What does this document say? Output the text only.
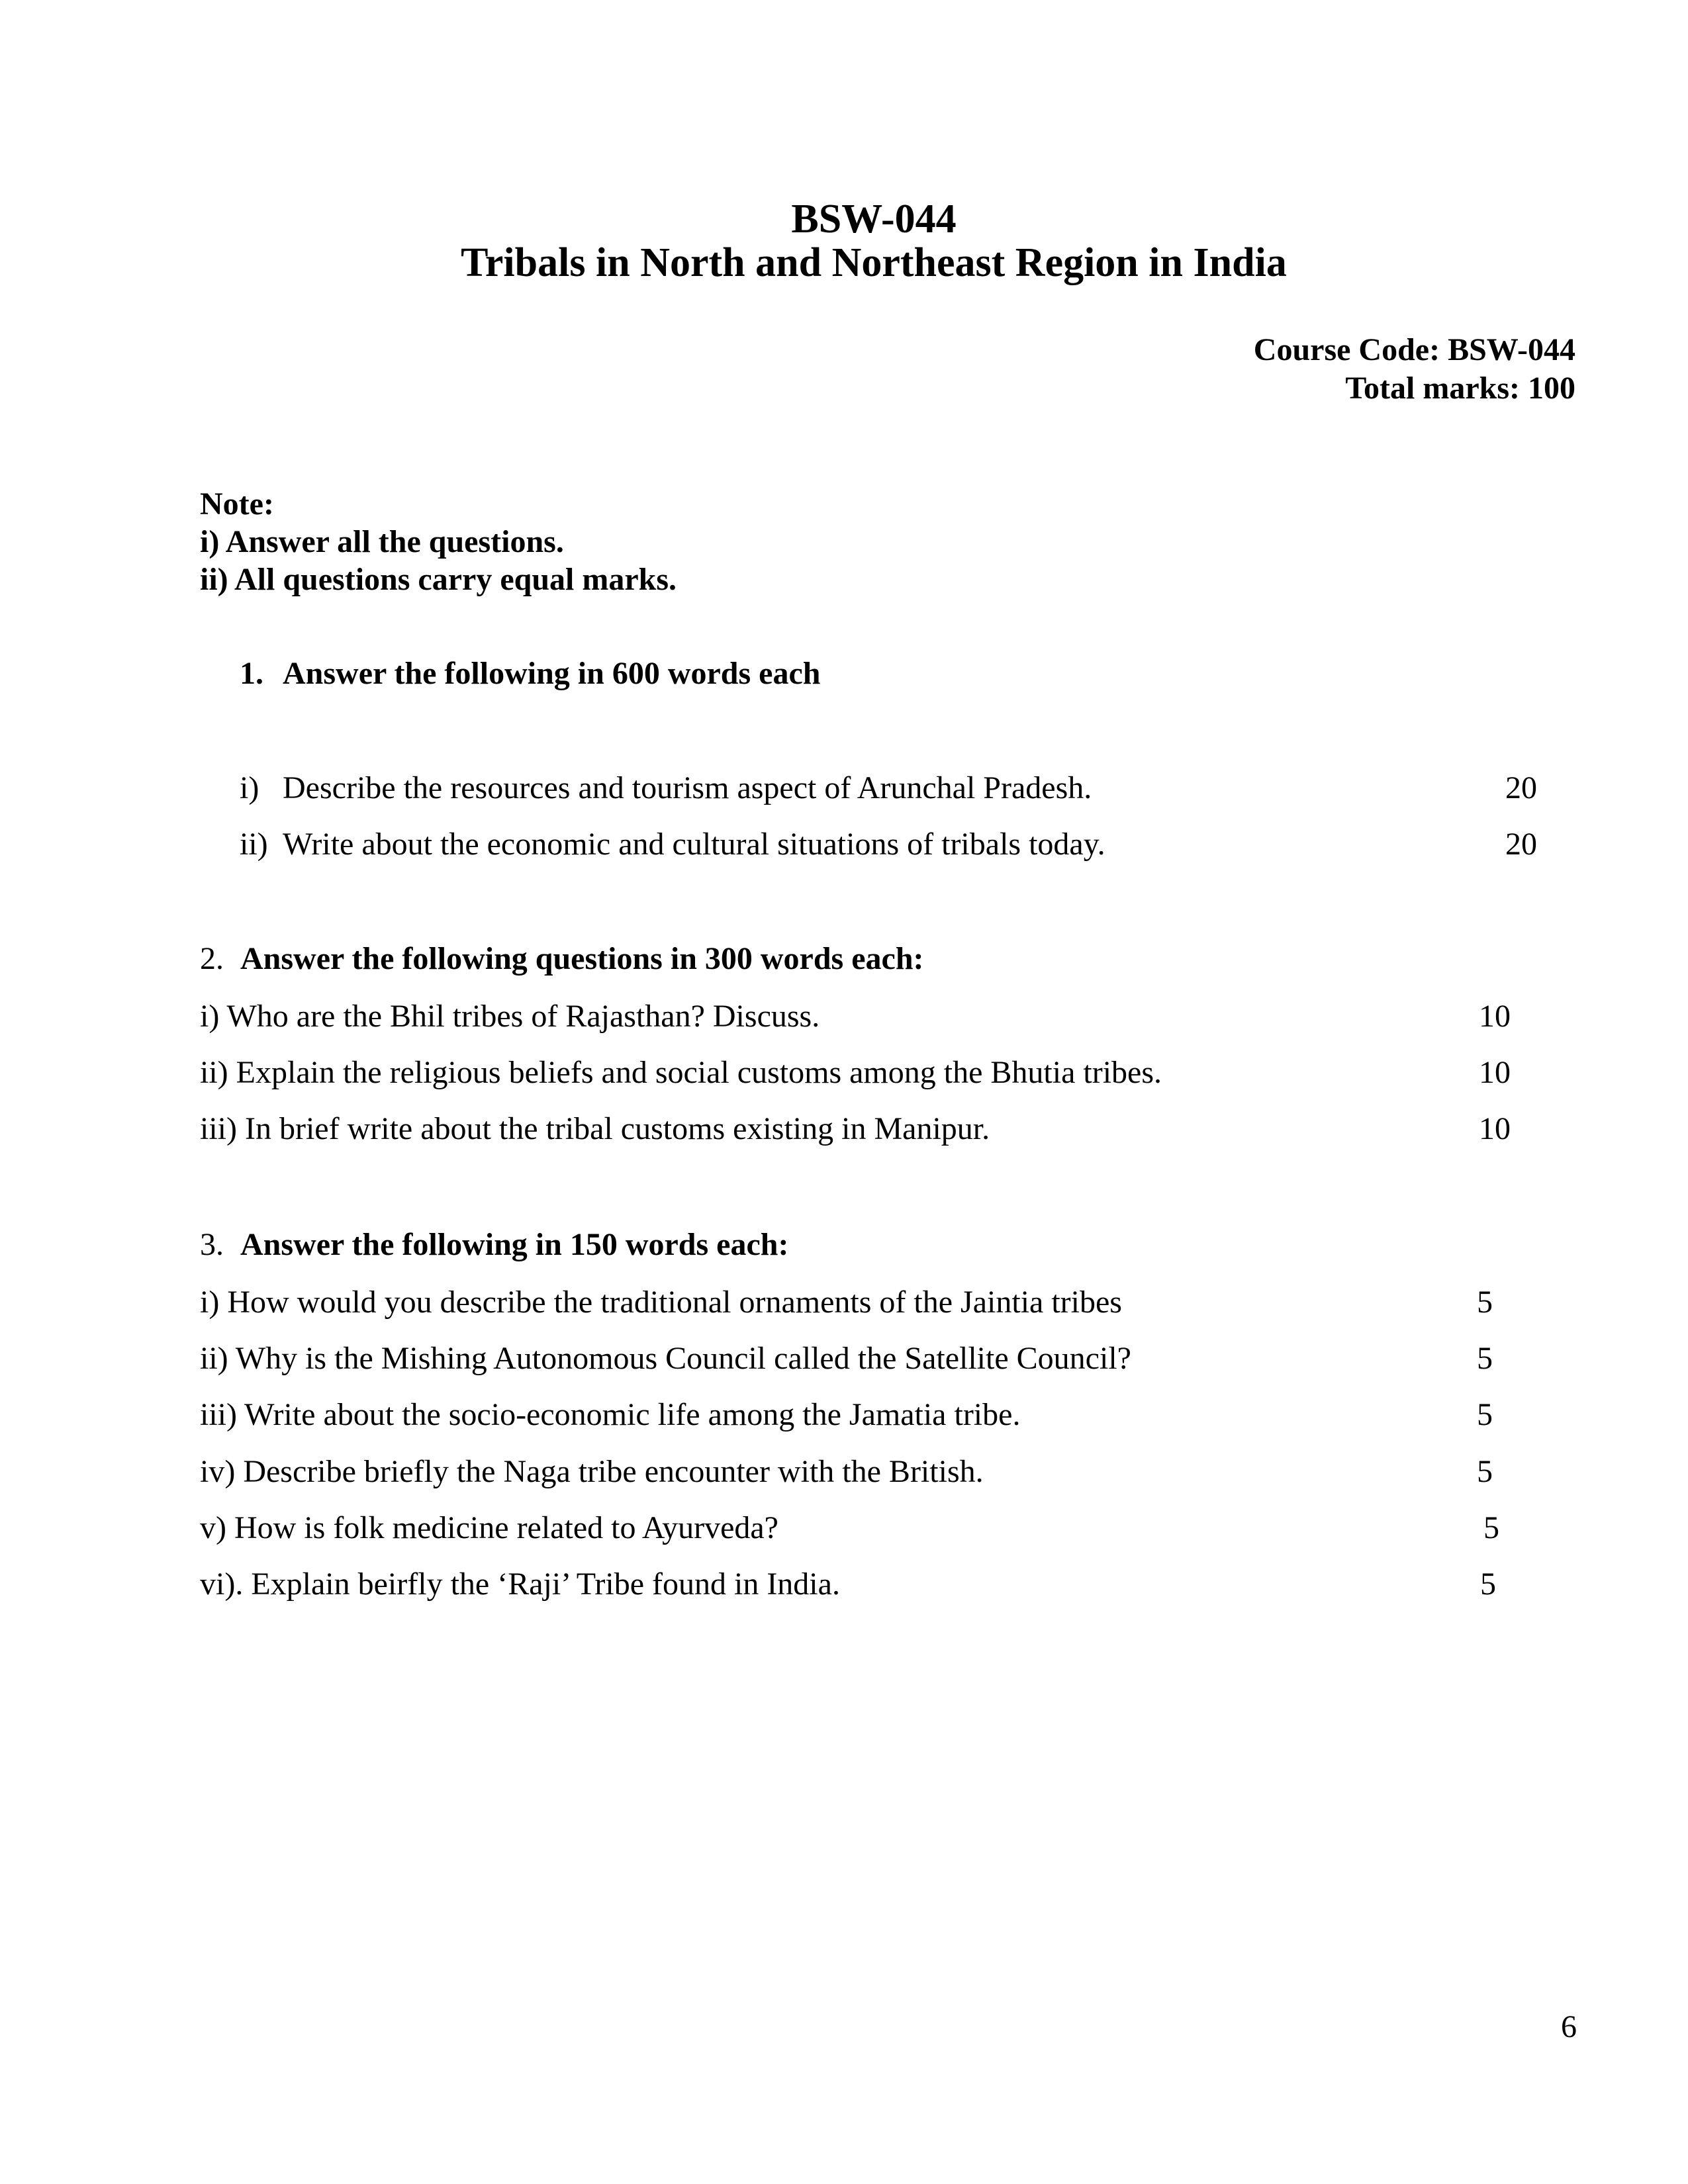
BSW-044
Tribals in North and Northeast Region in India
Course Code: BSW-044
Total marks: 100
Note:
i) Answer all the questions.
ii) All questions carry equal marks.
1. Answer the following in 600 words each
i) Describe the resources and tourism aspect of Arunchal Pradesh.	20
ii) Write about the economic and cultural situations of tribals today.	20
2. Answer the following questions in 300 words each:
i) Who are the Bhil tribes of Rajasthan? Discuss.	10
ii) Explain the religious beliefs and social customs among the Bhutia tribes.	10
iii) In brief write about the tribal customs existing in Manipur.	10
3. Answer the following in 150 words each:
i) How would you describe the traditional ornaments of the Jaintia tribes	5
ii) Why is the Mishing Autonomous Council called the Satellite Council?	5
iii) Write about the socio-economic life among the Jamatia tribe.	5
iv) Describe briefly the Naga tribe encounter with the British.	5
v) How is folk medicine related to Ayurveda?	5
vi). Explain beirfly the ‘Raji’ Tribe found in India.	5
6
